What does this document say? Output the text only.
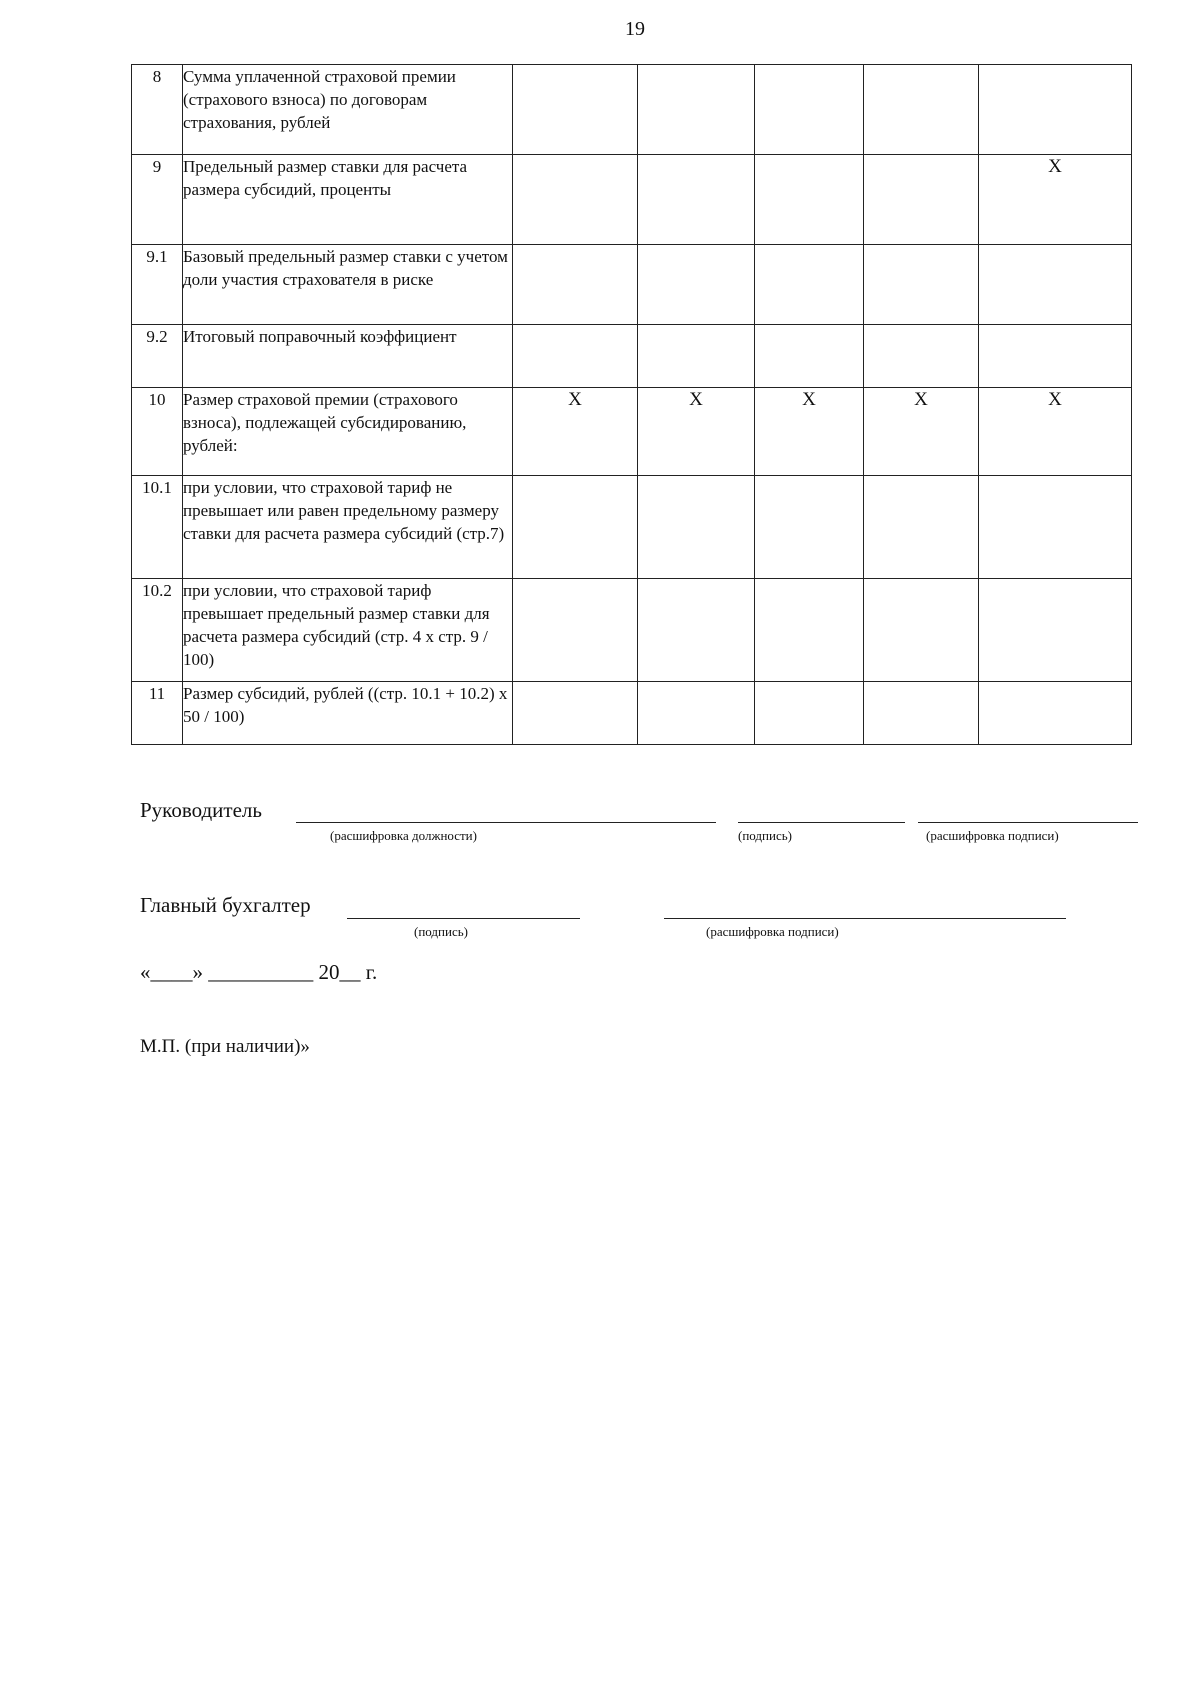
19
8	Сумма уплаченной страховой премии (страхового взноса) по договорам страхования, рублей					
9	Предельный размер ставки для расчета размера субсидий, проценты					X
9.1	Базовый предельный размер ставки с учетом доли участия страхователя в риске					
9.2	Итоговый поправочный коэффициент					
10	Размер страховой премии (страхового взноса), подлежащей субсидированию, рублей:	X	X	X	X	X
10.1	при условии, что страховой тариф не превышает или равен предельному размеру ставки для расчета размера субсидий (стр.7)					
10.2	при условии, что страховой тариф превышает предельный размер ставки для расчета размера субсидий (стр. 4 х стр. 9 / 100)					
11	Размер субсидий, рублей ((стр. 10.1 + 10.2) х 50 / 100)					
Руководитель
(расшифровка должности)	(подпись)	(расшифровка подписи)
Главный бухгалтер
(подпись)	(расшифровка подписи)
«____» __________ 20__ г.
М.П. (при наличии)»
